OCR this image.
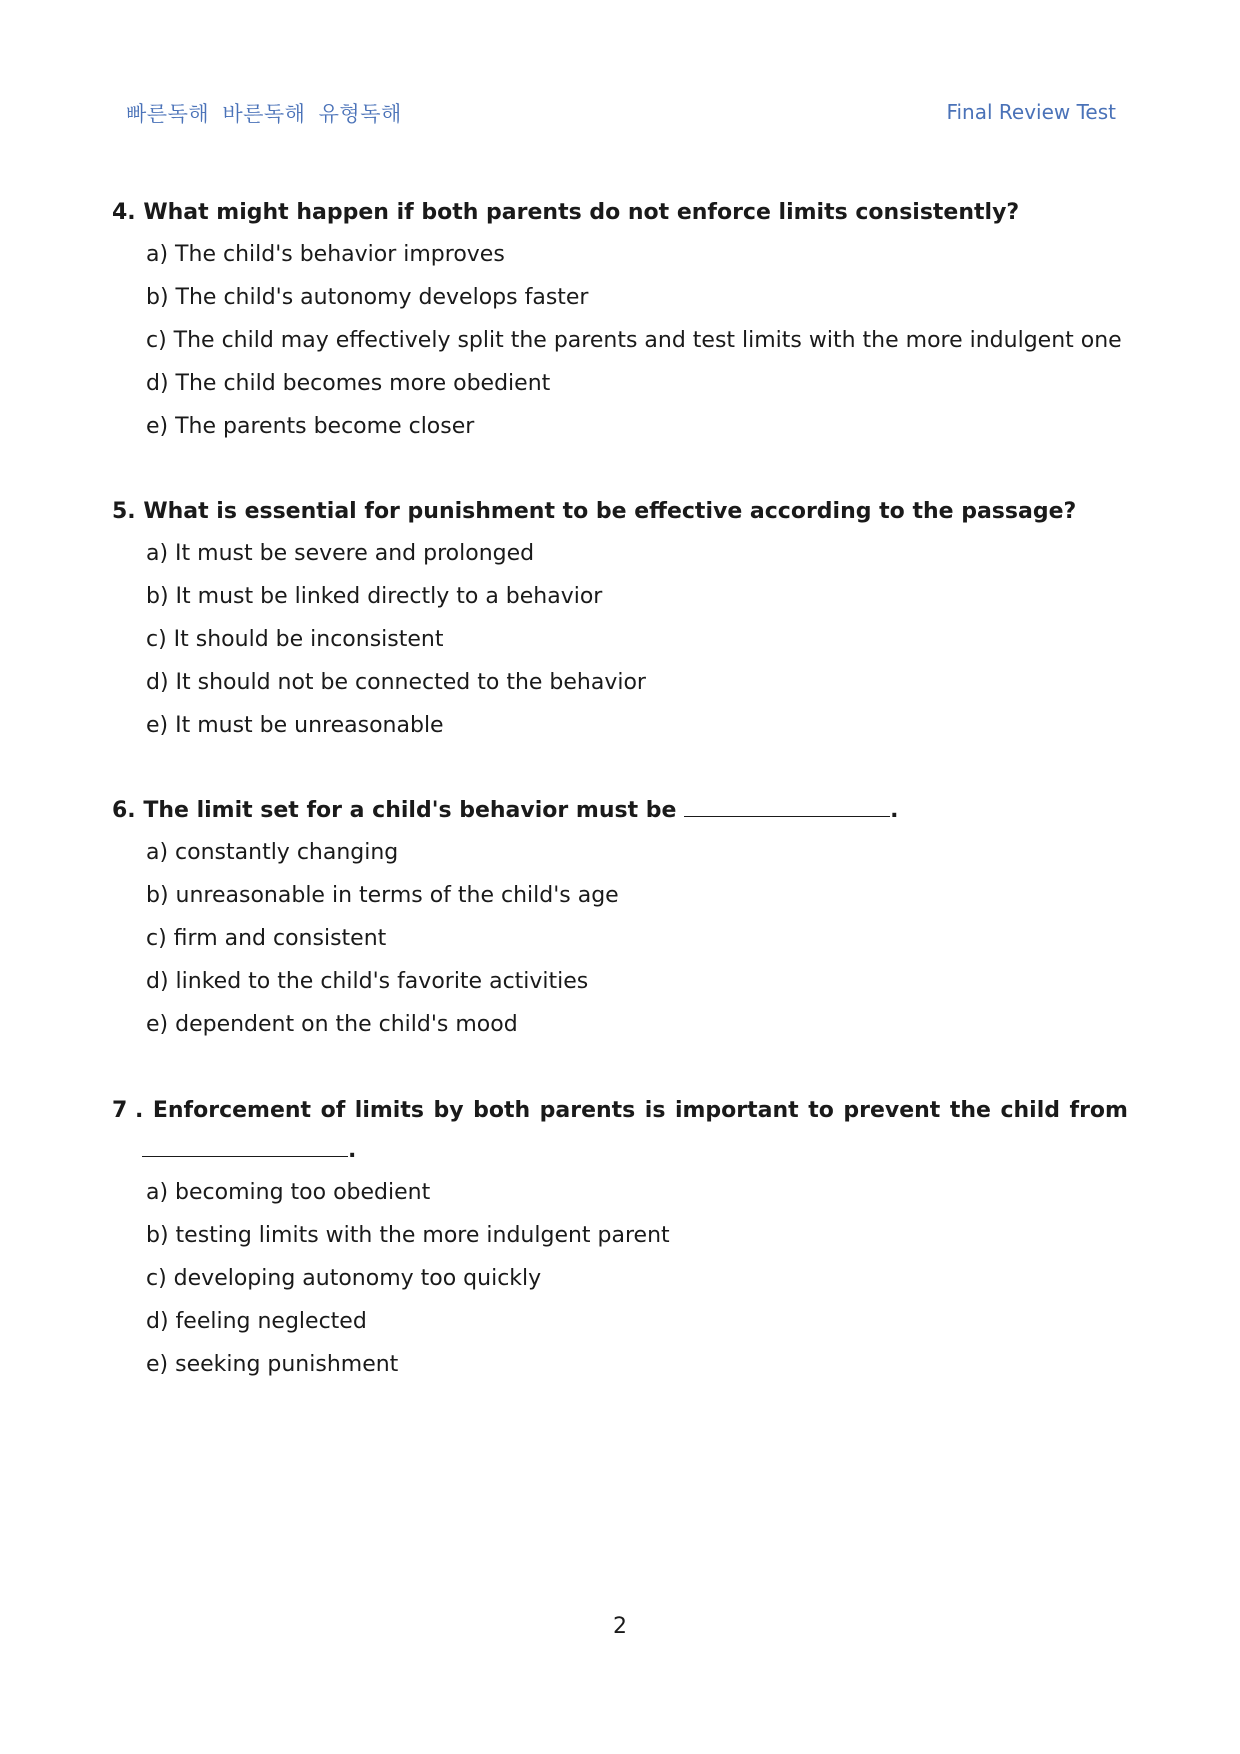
빠른독해 바른독해 유형독해	Final Review Test

4. What might happen if both parents do not enforce limits consistently?

a) The child's behavior improves
b) The child's autonomy develops faster
c) The child may effectively split the parents and test limits with the more indulgent one
d) The child becomes more obedient
e) The parents become closer

5. What is essential for punishment to be effective according to the passage?

a) It must be severe and prolonged
b) It must be linked directly to a behavior
c) It should be inconsistent
d) It should not be connected to the behavior
e) It must be unreasonable

6. The limit set for a child's behavior must be	.

a) constantly changing
b) unreasonable in terms of the child's age
c) firm and consistent
d) linked to the child's favorite activities
e) dependent on the child's mood
7 . Enforcement of limits by both parents is important to prevent the child from
.
a) becoming too obedient
b) testing limits with the more indulgent parent
c) developing autonomy too quickly
d) feeling neglected
e) seeking punishment
2
